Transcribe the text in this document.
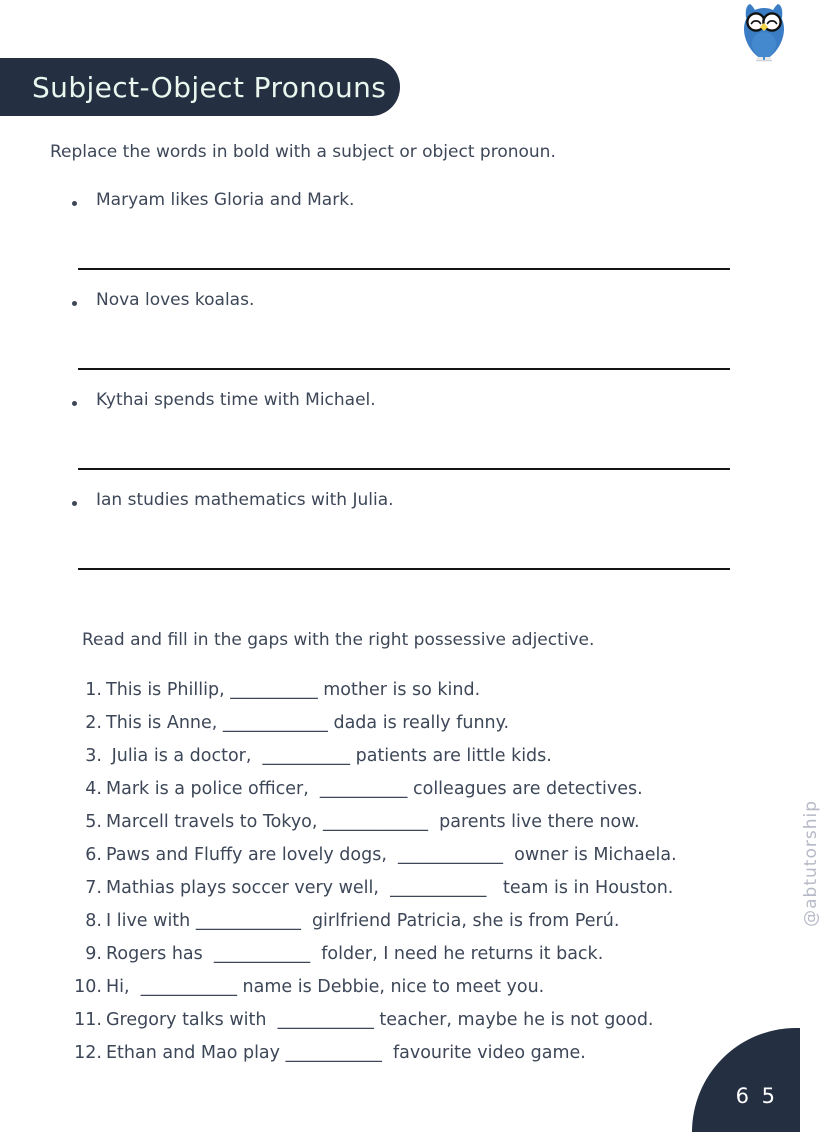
Subject-Object Pronouns
Replace the words in bold with a subject or object pronoun.
Maryam likes Gloria and Mark.
Nova loves koalas.
Kythai spends time with Michael.
Ian studies mathematics with Julia.
Read and fill in the gaps with the right possessive adjective.
1. This is Phillip, __________ mother is so kind.
2. This is Anne, ____________ dada is really funny.
3. Julia is a doctor,  __________ patients are little kids.
4. Mark is a police officer,  __________ colleagues are detectives.
5. Marcell travels to Tokyo, ____________  parents live there now.
6. Paws and Fluffy are lovely dogs,  ____________  owner is Michaela.
7. Mathias plays soccer very well,  ___________   team is in Houston.
8. I live with ____________  girlfriend Patricia, she is from Perú.
9. Rogers has  ___________  folder, I need he returns it back.
10. Hi,  ___________ name is Debbie, nice to meet you.
11. Gregory talks with  ___________ teacher, maybe he is not good.
12. Ethan and Mao play ___________  favourite video game.
@abtutorship
6 5
